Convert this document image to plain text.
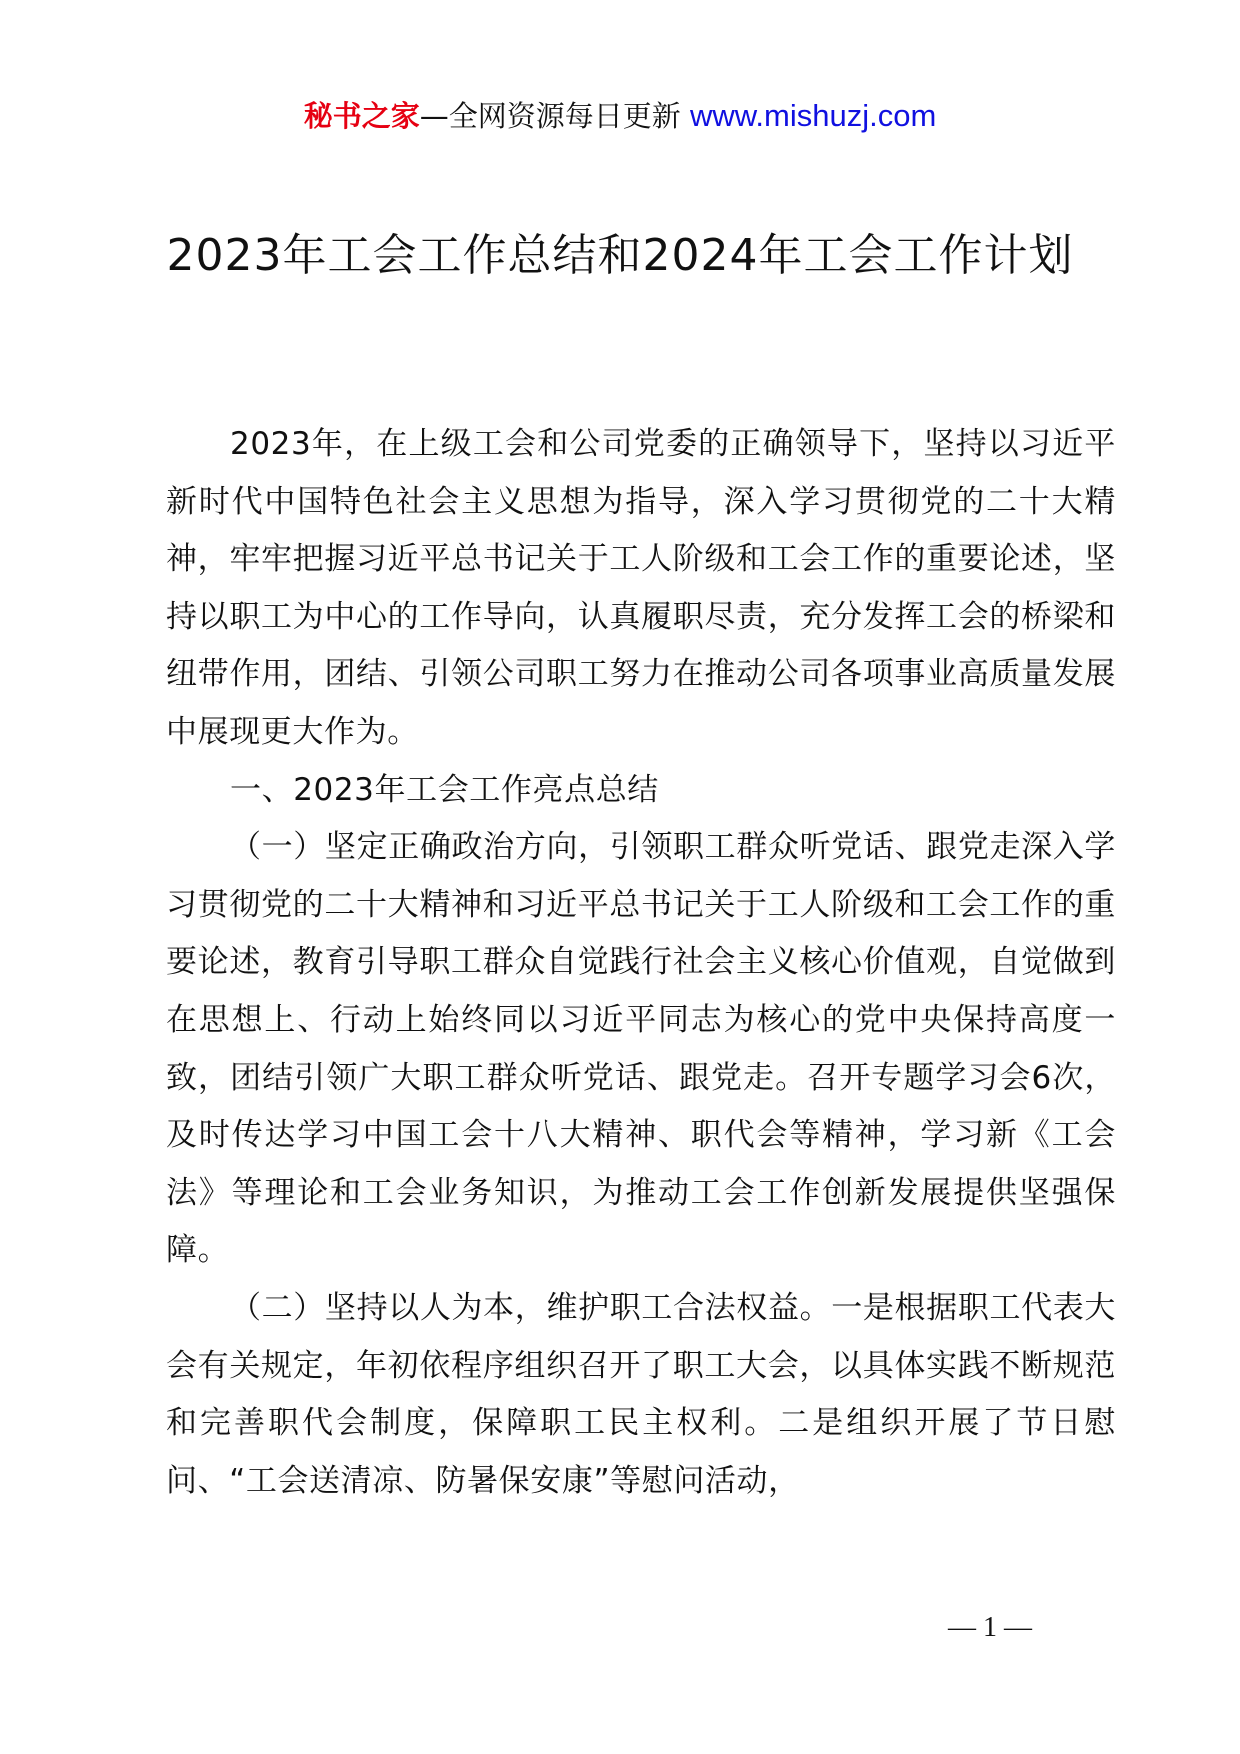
秘书之家—全网资源每日更新 www.mishuzj.com
2023年工会工作总结和2024年工会工作计划

2023年，在上级工会和公司党委的正确领导下，坚持以习近平新时代中国特色社会主义思想为指导，深入学习贯彻党的二十大精神，牢牢把握习近平总书记关于工人阶级和工会工作的重要论述，坚持以职工为中心的工作导向，认真履职尽责，充分发挥工会的桥梁和纽带作用，团结、引领公司职工努力在推动公司各项事业高质量发展中展现更大作为。

一、2023年工会工作亮点总结

（一）坚定正确政治方向，引领职工群众听党话、跟党走深入学习贯彻党的二十大精神和习近平总书记关于工人阶级和工会工作的重要论述，教育引导职工群众自觉践行社会主义核心价值观，自觉做到在思想上、行动上始终同以习近平同志为核心的党中央保持高度一致，团结引领广大职工群众听党话、跟党走。召开专题学习会6次，及时传达学习中国工会十八大精神、职代会等精神，学习新《工会法》等理论和工会业务知识，为推动工会工作创新发展提供坚强保障。

（二）坚持以人为本，维护职工合法权益。一是根据职工代表大会有关规定，年初依程序组织召开了职工大会，以具体实践不断规范和完善职代会制度，保障职工民主权利。二是组织开展了节日慰问、“工会送清凉、防暑保安康”等慰问活动，

— 1 —
